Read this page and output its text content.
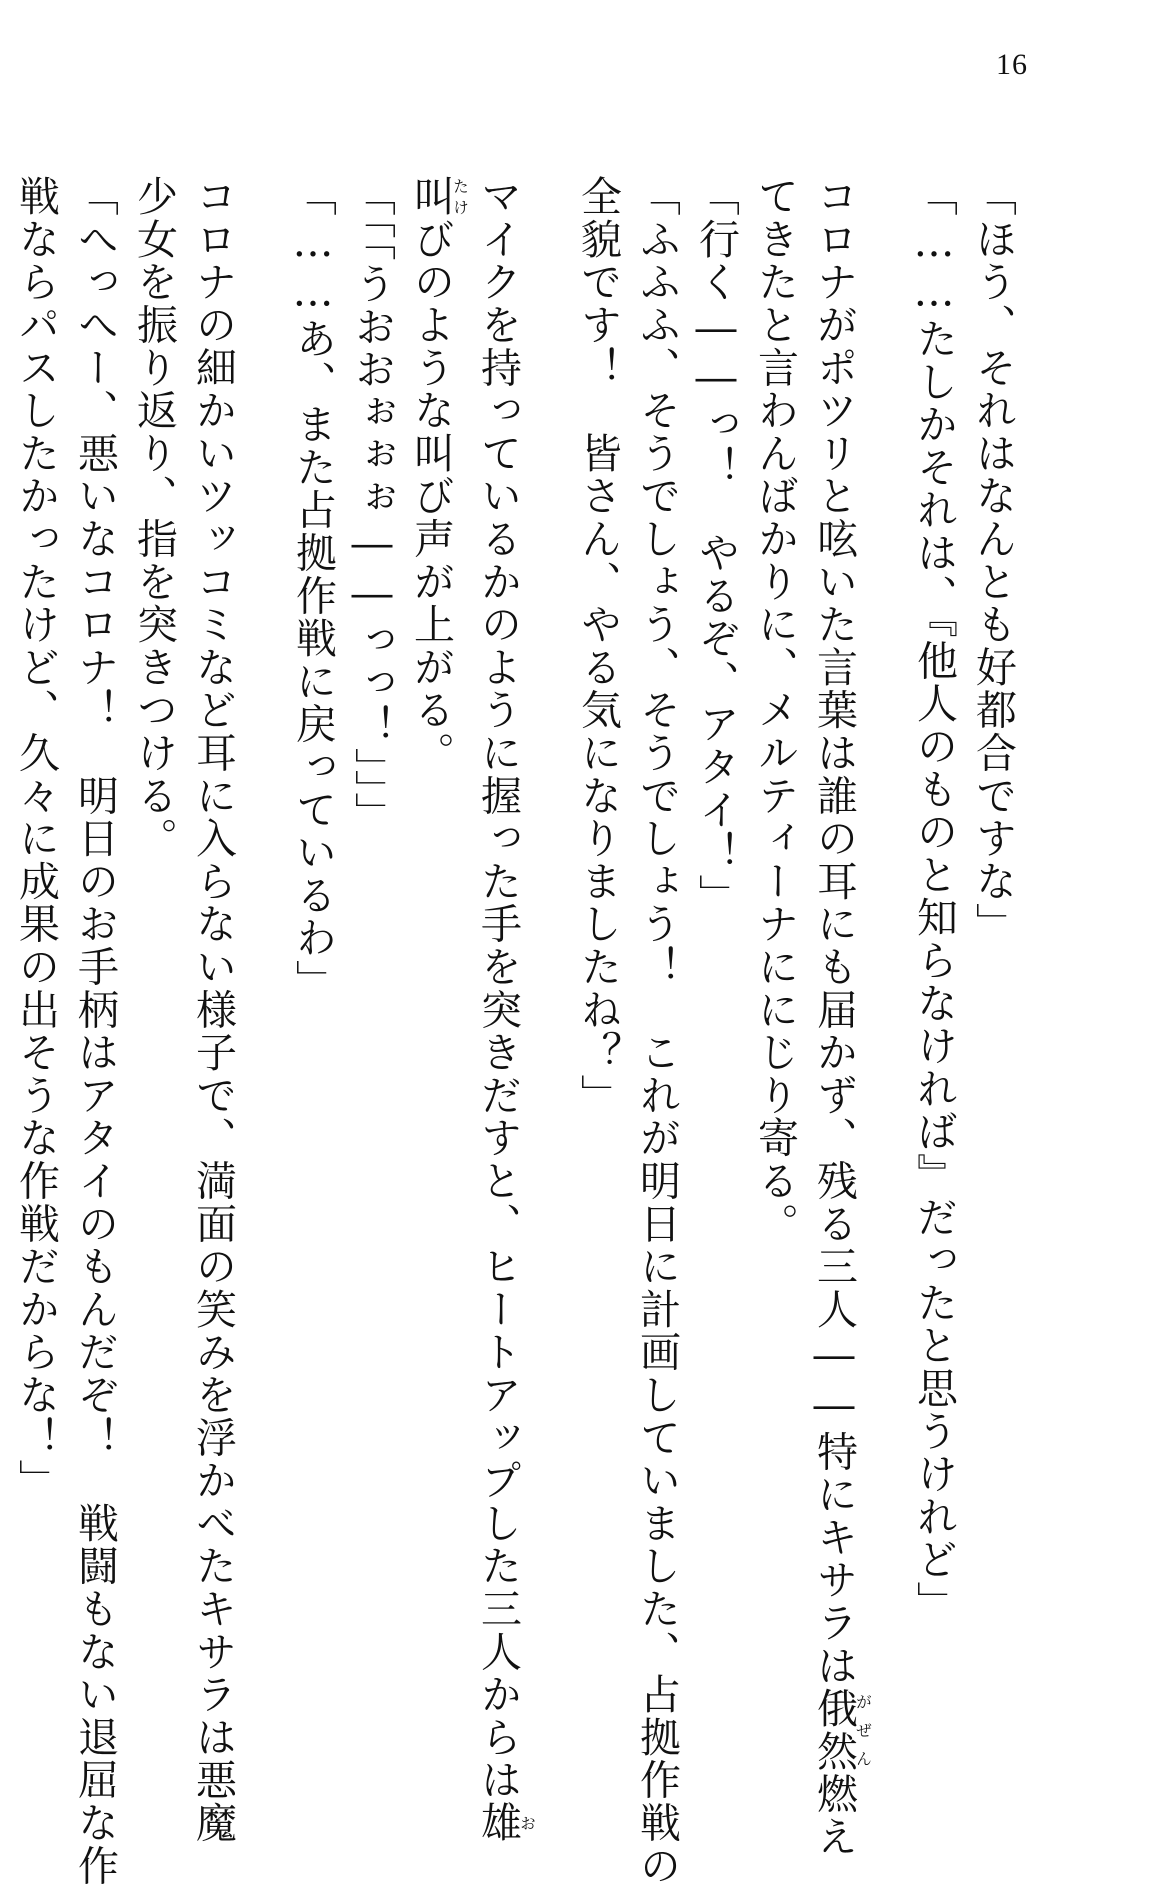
16
「ほう、それはなんとも好都合ですな」
「……たしかそれは、『他人のものと知らなければ』だったと思うけれど」
コロナがポツリと呟いた言葉は誰の耳にも届かず、残る三人――特にキサラは俄然がぜん燃え
てきたと言わんばかりに、メルティーナににじり寄る。
「行く――っ！　やるぞ、アタイ！」
「ふふふ、そうでしょう、そうでしょう！　これが明日に計画していました、占拠作戦の
全貌です！　皆さん、やる気になりましたね？」
マイクを持っているかのように握った手を突きだすと、ヒートアップした三人からは雄お
叫たけびのような叫び声が上がる。
「「「うおおぉぉぉ――っっ！」」」
「……あ、また占拠作戦に戻っているわ」
コロナの細かいツッコミなど耳に入らない様子で、満面の笑みを浮かべたキサラは悪魔
少女を振り返り、指を突きつける。
「へっへー、悪いなコロナ！　明日のお手柄はアタイのもんだぞ！　戦闘もない退屈な作
戦ならパスしたかったけど、久々に成果の出そうな作戦だからな！」
